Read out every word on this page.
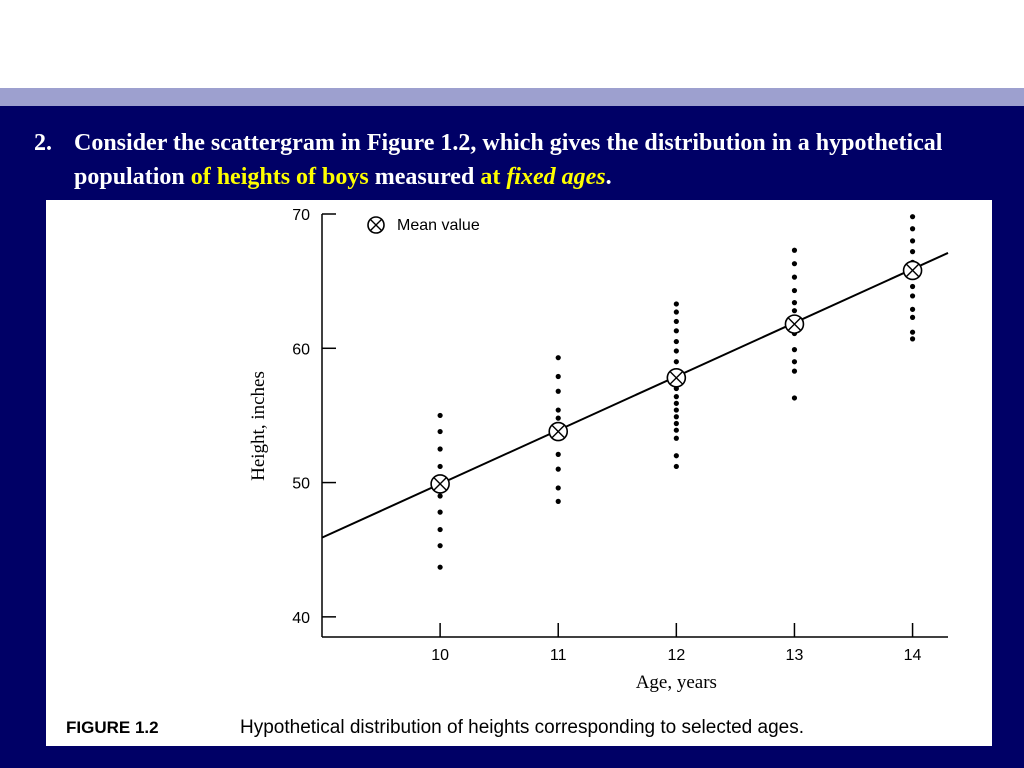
2. Consider the scattergram in Figure 1.2, which gives the distribution in a hypothetical population of heights of boys measured at fixed ages.
40
50
60
70
10	11	12	13	14
Mean value
Height, inches
Age, years
FIGURE 1.2	Hypothetical distribution of heights corresponding to selected ages.
